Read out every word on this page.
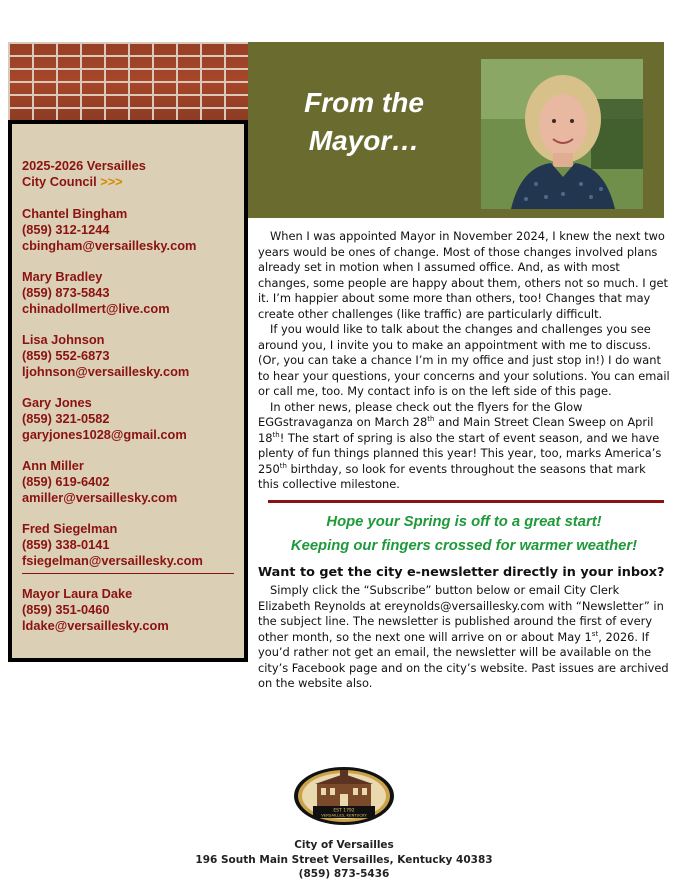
2025-2026 Versailles
City Council >>>
Chantel Bingham
(859) 312-1244
cbingham@versaillesky.com
Mary Bradley
(859) 873-5843
chinadollmert@live.com
Lisa Johnson
(859) 552-6873
ljohnson@versaillesky.com
Gary Jones
(859) 321-0582
garyjones1028@gmail.com
Ann Miller
(859) 619-6402
amiller@versaillesky.com
Fred Siegelman
(859) 338-0141
fsiegelman@versaillesky.com
Mayor Laura Dake
(859) 351-0460
ldake@versaillesky.com
From the
Mayor…

When I was appointed Mayor in November 2024, I knew the next two years would be ones of change. Most of those changes involved plans already set in motion when I assumed office. And, as with most changes, some people are happy about them, others not so much. I get it. I’m happier about some more than others, too! Changes that may create other challenges (like traffic) are particularly difficult.

If you would like to talk about the changes and challenges you see around you, I invite you to make an appointment with me to discuss. (Or, you can take a chance I’m in my office and just stop in!) I do want to hear your questions, your concerns and your solutions. You can email or call me, too. My contact info is on the left side of this page.

In other news, please check out the flyers for the Glow EGGstravaganza on March 28th and Main Street Clean Sweep on April 18th! The start of spring is also the start of event season, and we have plenty of fun things planned this year! This year, too, marks America’s 250th birthday, so look for events throughout the seasons that mark this collective milestone.

Hope your Spring is off to a great start!
Keeping our fingers crossed for warmer weather!
Want to get the city e-newsletter directly in your inbox?

Simply click the “Subscribe” button below or email City Clerk Elizabeth Reynolds at ereynolds@versaillesky.com with “Newsletter” in the subject line. The newsletter is published around the first of every other month, so the next one will arrive on or about May 1st, 2026. If you’d rather not get an email, the newsletter will be available on the city’s Facebook page and on the city’s website. Past issues are archived on the website also.

EST 1792
VERSAILLES, KENTUCKY
City of Versailles
196 South Main Street Versailles, Kentucky 40383
(859) 873-5436
